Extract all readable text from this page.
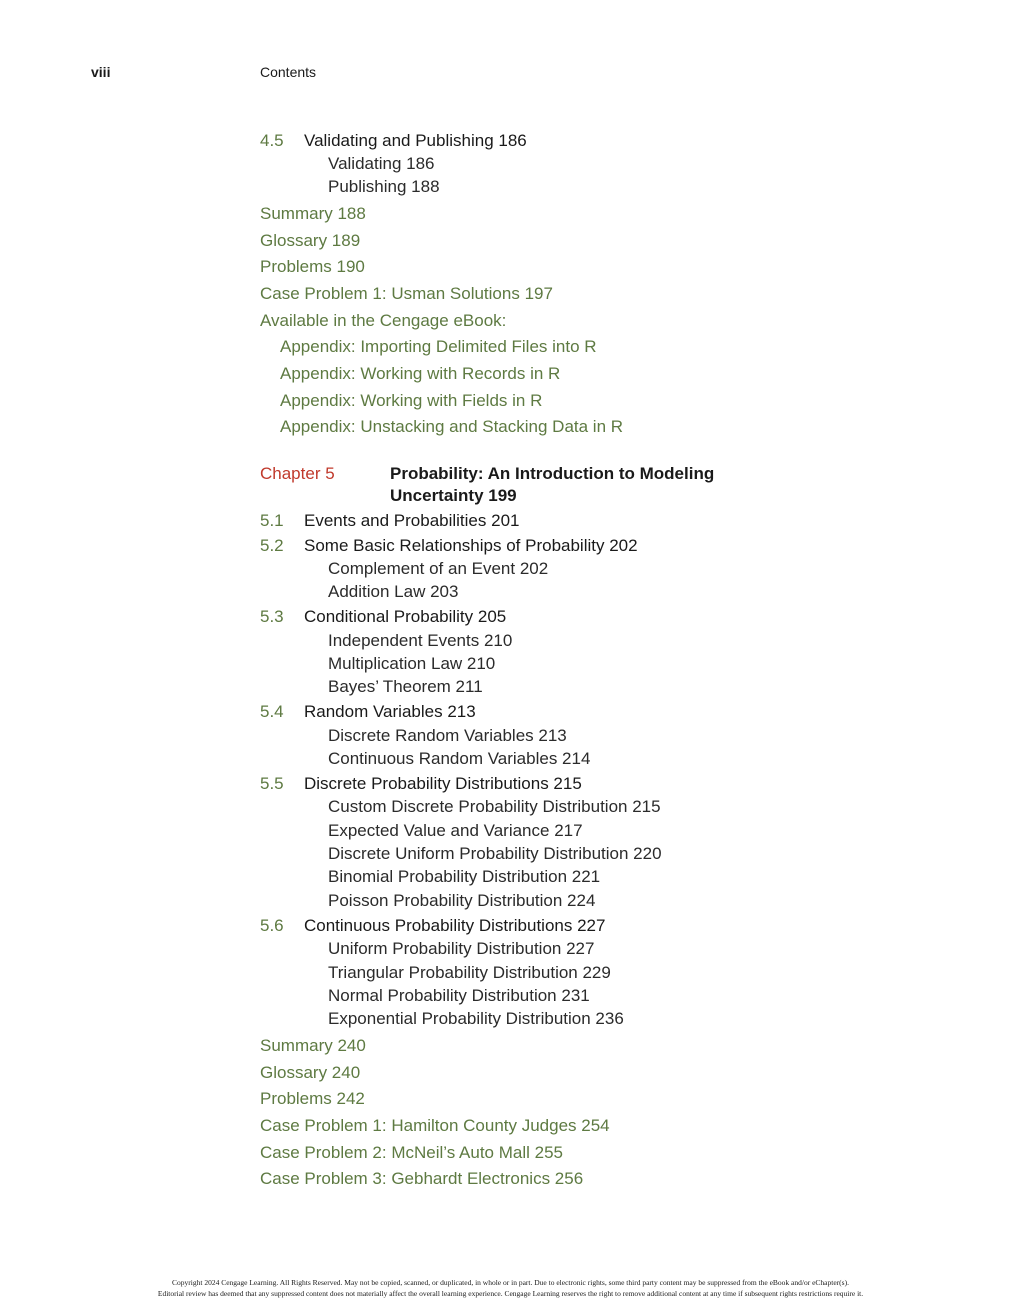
viii	Contents
4.5 Validating and Publishing 186
Validating 186
Publishing 188
Summary 188
Glossary 189
Problems 190
Case Problem 1: Usman Solutions 197
Available in the Cengage eBook:
Appendix: Importing Delimited Files into R
Appendix: Working with Records in R
Appendix: Working with Fields in R
Appendix: Unstacking and Stacking Data in R
Chapter 5	Probability: An Introduction to Modeling
Uncertainty 199
5.1 Events and Probabilities 201
5.2 Some Basic Relationships of Probability 202
Complement of an Event 202
Addition Law 203
5.3 Conditional Probability 205
Independent Events 210
Multiplication Law 210
Bayes’ Theorem 211
5.4 Random Variables 213
Discrete Random Variables 213
Continuous Random Variables 214
5.5 Discrete Probability Distributions 215
Custom Discrete Probability Distribution 215
Expected Value and Variance 217
Discrete Uniform Probability Distribution 220
Binomial Probability Distribution 221
Poisson Probability Distribution 224
5.6 Continuous Probability Distributions 227
Uniform Probability Distribution 227
Triangular Probability Distribution 229
Normal Probability Distribution 231
Exponential Probability Distribution 236
Summary 240
Glossary 240
Problems 242
Case Problem 1: Hamilton County Judges 254
Case Problem 2: McNeil’s Auto Mall 255
Case Problem 3: Gebhardt Electronics 256
Copyright 2024 Cengage Learning. All Rights Reserved. May not be copied, scanned, or duplicated, in whole or in part. Due to electronic rights, some third party content may be suppressed from the eBook and/or eChapter(s).
Editorial review has deemed that any suppressed content does not materially affect the overall learning experience. Cengage Learning reserves the right to remove additional content at any time if subsequent rights restrictions require it.
